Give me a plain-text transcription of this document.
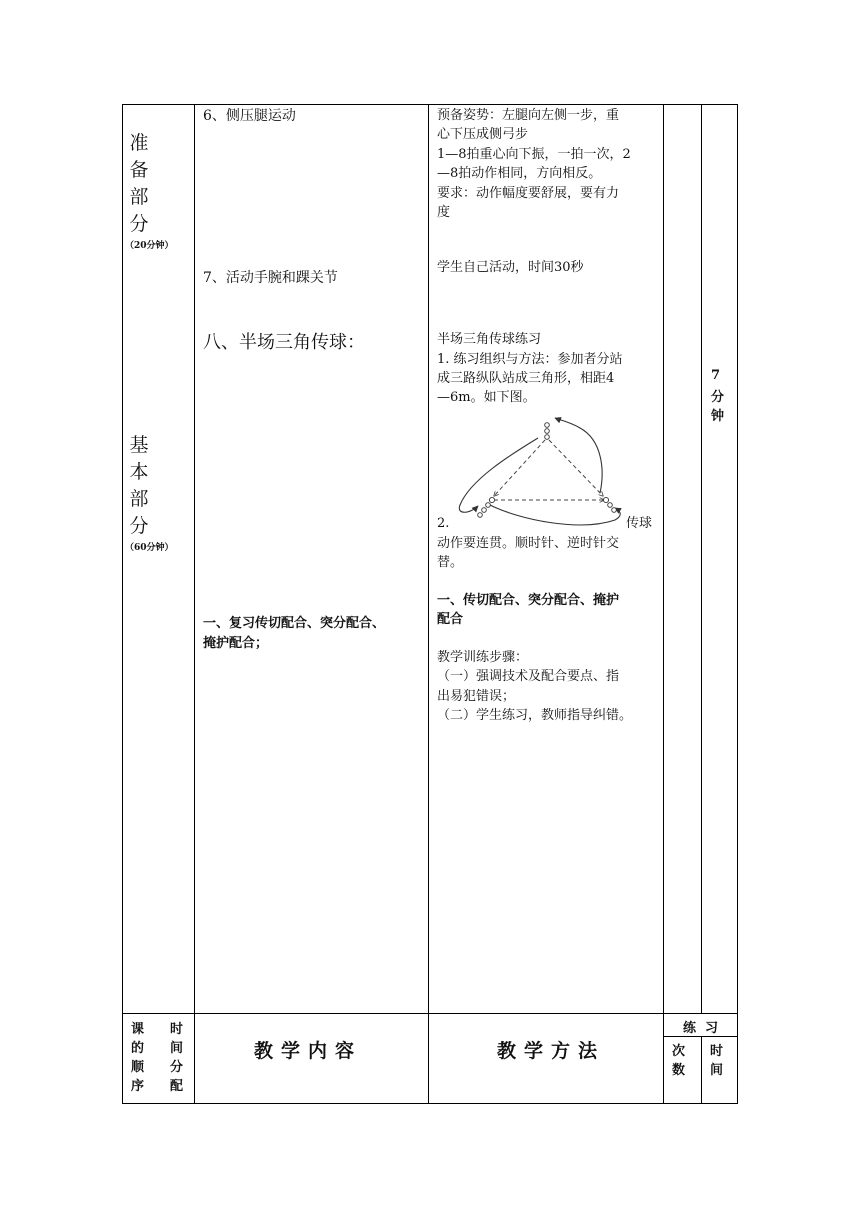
准
备
部
分
（20分钟）
基
本
部
分
（60分钟）
6、侧压腿运动
7、活动手腕和踝关节
八、半场三角传球：
一、复习传切配合、突分配合、
掩护配合；
预备姿势：左腿向左侧一步，重
心下压成侧弓步
1—8拍重心向下振，一拍一次，2
—8拍动作相同，方向相反。
要求：动作幅度要舒展，要有力
度
学生自己活动，时间30秒
半场三角传球练习
1. 练习组织与方法：参加者分站
成三路纵队站成三角形，相距4
—6m。如下图。
2.	传球
动作要连贯。顺时针、逆时针交
替。
一、传切配合、突分配合、掩护
配合
教学训练步骤：
（一）强调技术及配合要点、指
出易犯错误；
（二）学生练习，教师指导纠错。
7
分
钟
课 时
的 间
顺 分
序 配
教学内容	教学方法
练  习
次
数
时
间
